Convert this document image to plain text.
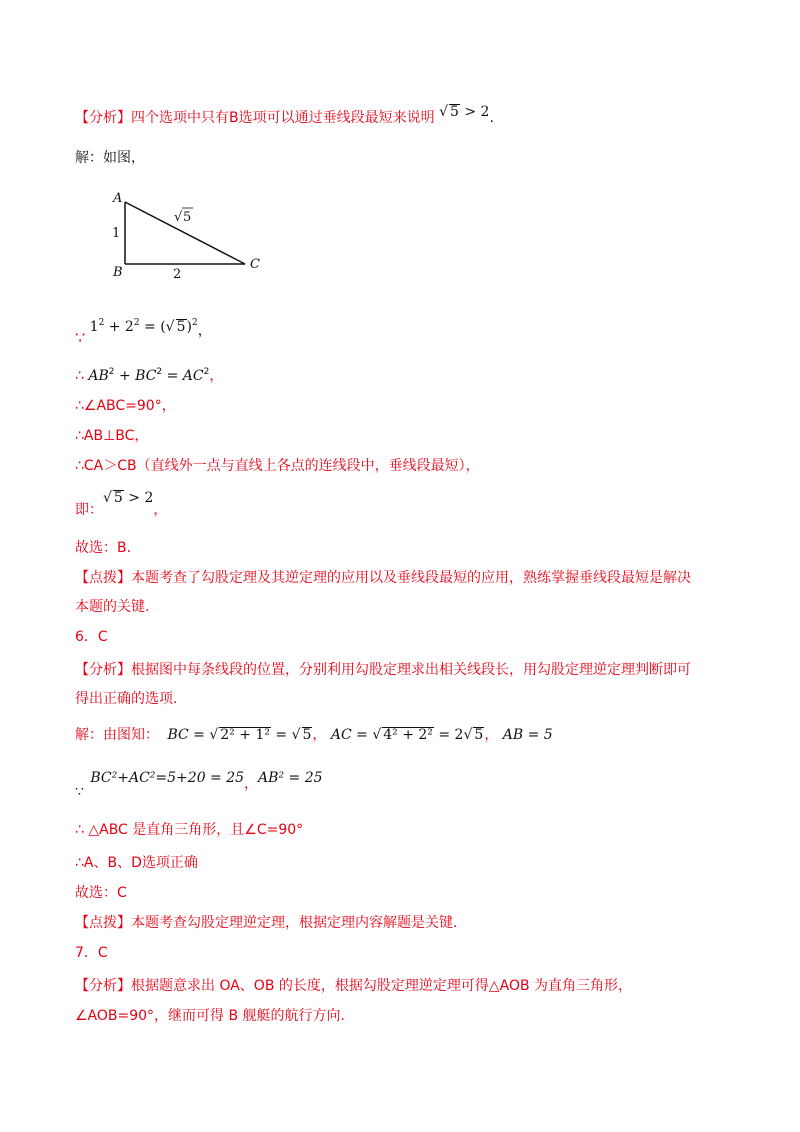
【分析】四个选项中只有B选项可以通过垂线段最短来说明 √ 5 > 2.
解：如图，
A
B
C
1
2
√ 5
∵ $1^2 + 2^2$ = (√ 5)$^2$，
∴ $AB^2 + BC^2 = AC^2$，
∴∠ABC=90°，
∴AB⊥BC，
∴CA＞CB（直线外一点与直线上各点的连线段中，垂线段最短），
即：√ 5 > 2，
故选：B.
【点拨】本题考查了勾股定理及其逆定理的应用以及垂线段最短的应用，熟练掌握垂线段最短是解决
本题的关键.
6．C
【分析】根据图中每条线段的位置，分别利用勾股定理求出相关线段长，用勾股定理逆定理判断即可
得出正确的选项.
解：由图知： BC = √ 2² + 1² = √ 5， AC = √ 4² + 2² = 2√ 5， AB = 5
∵ BC²+AC²=5+20 = 25，AB² = 25
∴ △ABC 是直角三角形，且∠C=90°
∴A、B、D选项正确
故选：C
【点拨】本题考查勾股定理逆定理，根据定理内容解题是关键.
7．C
【分析】根据题意求出 OA、OB 的长度，根据勾股定理逆定理可得△AOB 为直角三角形，
∠AOB=90°，继而可得 B 舰艇的航行方向.
